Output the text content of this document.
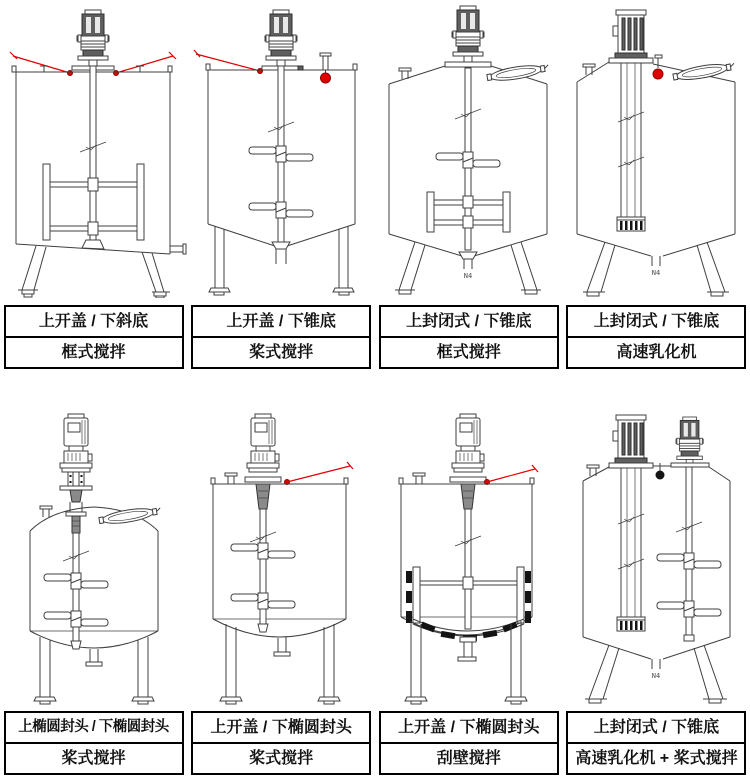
上开盖 / 下斜底
框式搅拌
上开盖 / 下锥底
桨式搅拌
N4
上封闭式 / 下锥底
框式搅拌
N4
上封闭式 / 下锥底
高速乳化机
上椭圆封头 / 下椭圆封头
桨式搅拌
上开盖 / 下椭圆封头
桨式搅拌
上开盖 / 下椭圆封头
刮壁搅拌
N4
上封闭式 / 下锥底
高速乳化机 + 桨式搅拌
